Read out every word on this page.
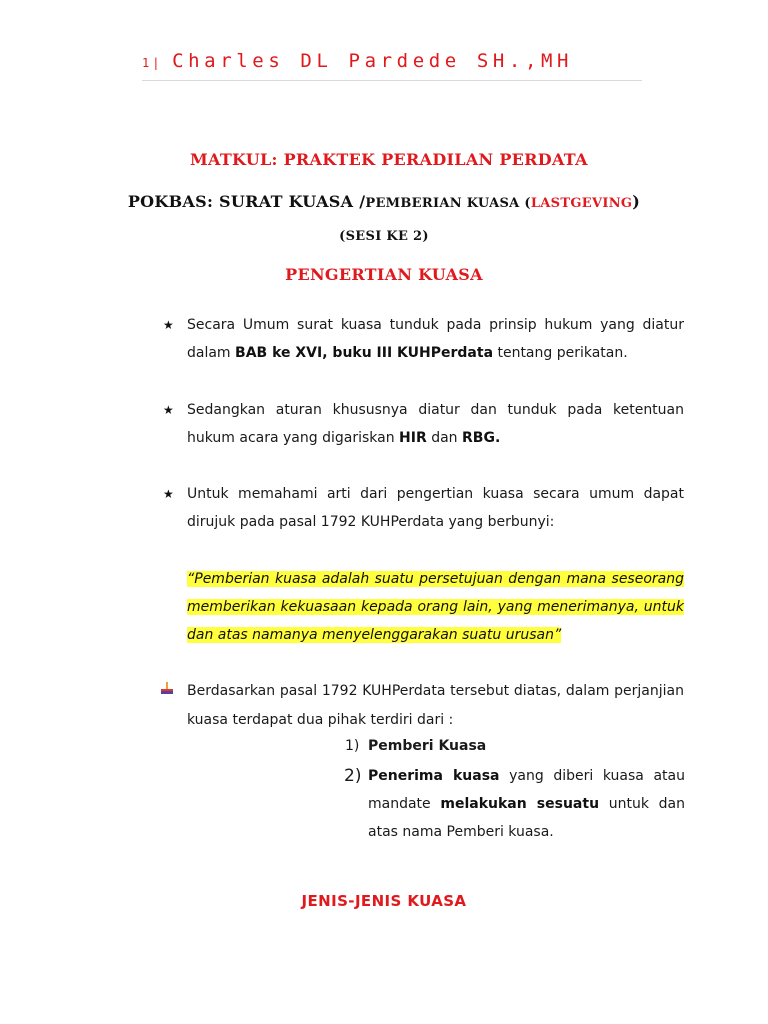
1| Charles DL Pardede SH.,MH
MATKUL: PRAKTEK PERADILAN PERDATA
POKBAS: SURAT KUASA /PEMBERIAN KUASA (LASTGEVING)
(SESI KE 2)
PENGERTIAN KUASA
★ Secara Umum surat kuasa tunduk pada prinsip hukum yang diatur dalam BAB ke XVI, buku III KUHPerdata tentang perikatan.
★ Sedangkan aturan khususnya diatur dan tunduk pada ketentuan hukum acara yang digariskan HIR dan RBG.
★ Untuk memahami arti dari pengertian kuasa secara umum dapat dirujuk pada pasal 1792 KUHPerdata yang berbunyi:
“Pemberian kuasa adalah suatu persetujuan dengan mana seseorang memberikan kekuasaan kepada orang lain, yang menerimanya, untuk dan atas namanya menyelenggarakan suatu urusan”
Berdasarkan pasal 1792 KUHPerdata tersebut diatas, dalam perjanjian kuasa terdapat dua pihak terdiri dari :
1) Pemberi Kuasa
2) Penerima kuasa yang diberi kuasa atau mandate melakukan sesuatu untuk dan atas nama Pemberi kuasa.
JENIS-JENIS KUASA
